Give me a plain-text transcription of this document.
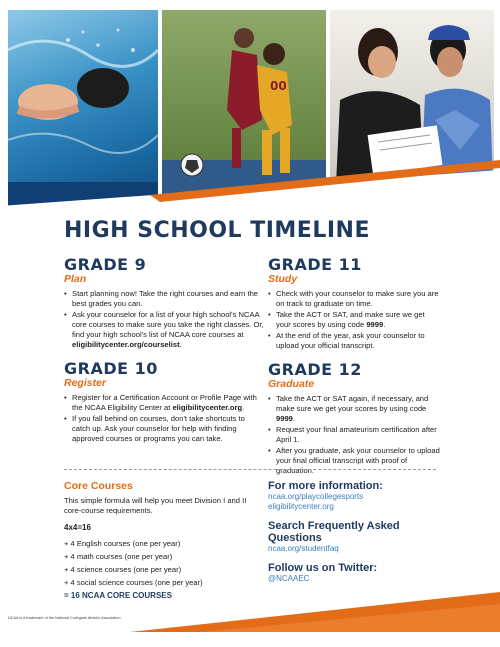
00
HIGH SCHOOL TIMELINE
GRADE 9
Plan
• Start planning now! Take the right courses and earn the best grades you can.
• Ask your counselor for a list of your high school's NCAA core courses to make sure you take the right classes. Or, find your high school's list of NCAA core courses at eligibilitycenter.org/courselist.
GRADE 10
Register
• Register for a Certification Account or Profile Page with the NCAA Eligibility Center at eligibilitycenter.org.
• If you fall behind on courses, don't take shortcuts to catch up. Ask your counselor for help with finding approved courses or programs you can take.
GRADE 11
Study
• Check with your counselor to make sure you are on track to graduate on time.
• Take the ACT or SAT, and make sure we get your scores by using code 9999.
• At the end of the year, ask your counselor to upload your official transcript.
GRADE 12
Graduate
• Take the ACT or SAT again, if necessary, and make sure we get your scores by using code 9999.
• Request your final amateurism certification after April 1.
• After you graduate, ask your counselor to upload your final official transcript with proof of graduation.
Core Courses
This simple formula will help you meet Division I and II core-course requirements.
4x4=16
+ 4 English courses (one per year)
+ 4 math courses (one per year)
+ 4 science courses (one per year)
+ 4 social science courses (one per year)
= 16 NCAA CORE COURSES
For more information:
ncaa.org/playcollegesports
eligibilitycenter.org
Search Frequently Asked Questions
ncaa.org/studentfaq
Follow us on Twitter:
@NCAAEC
NCAA is a trademark of the National Collegiate Athletic Association.
